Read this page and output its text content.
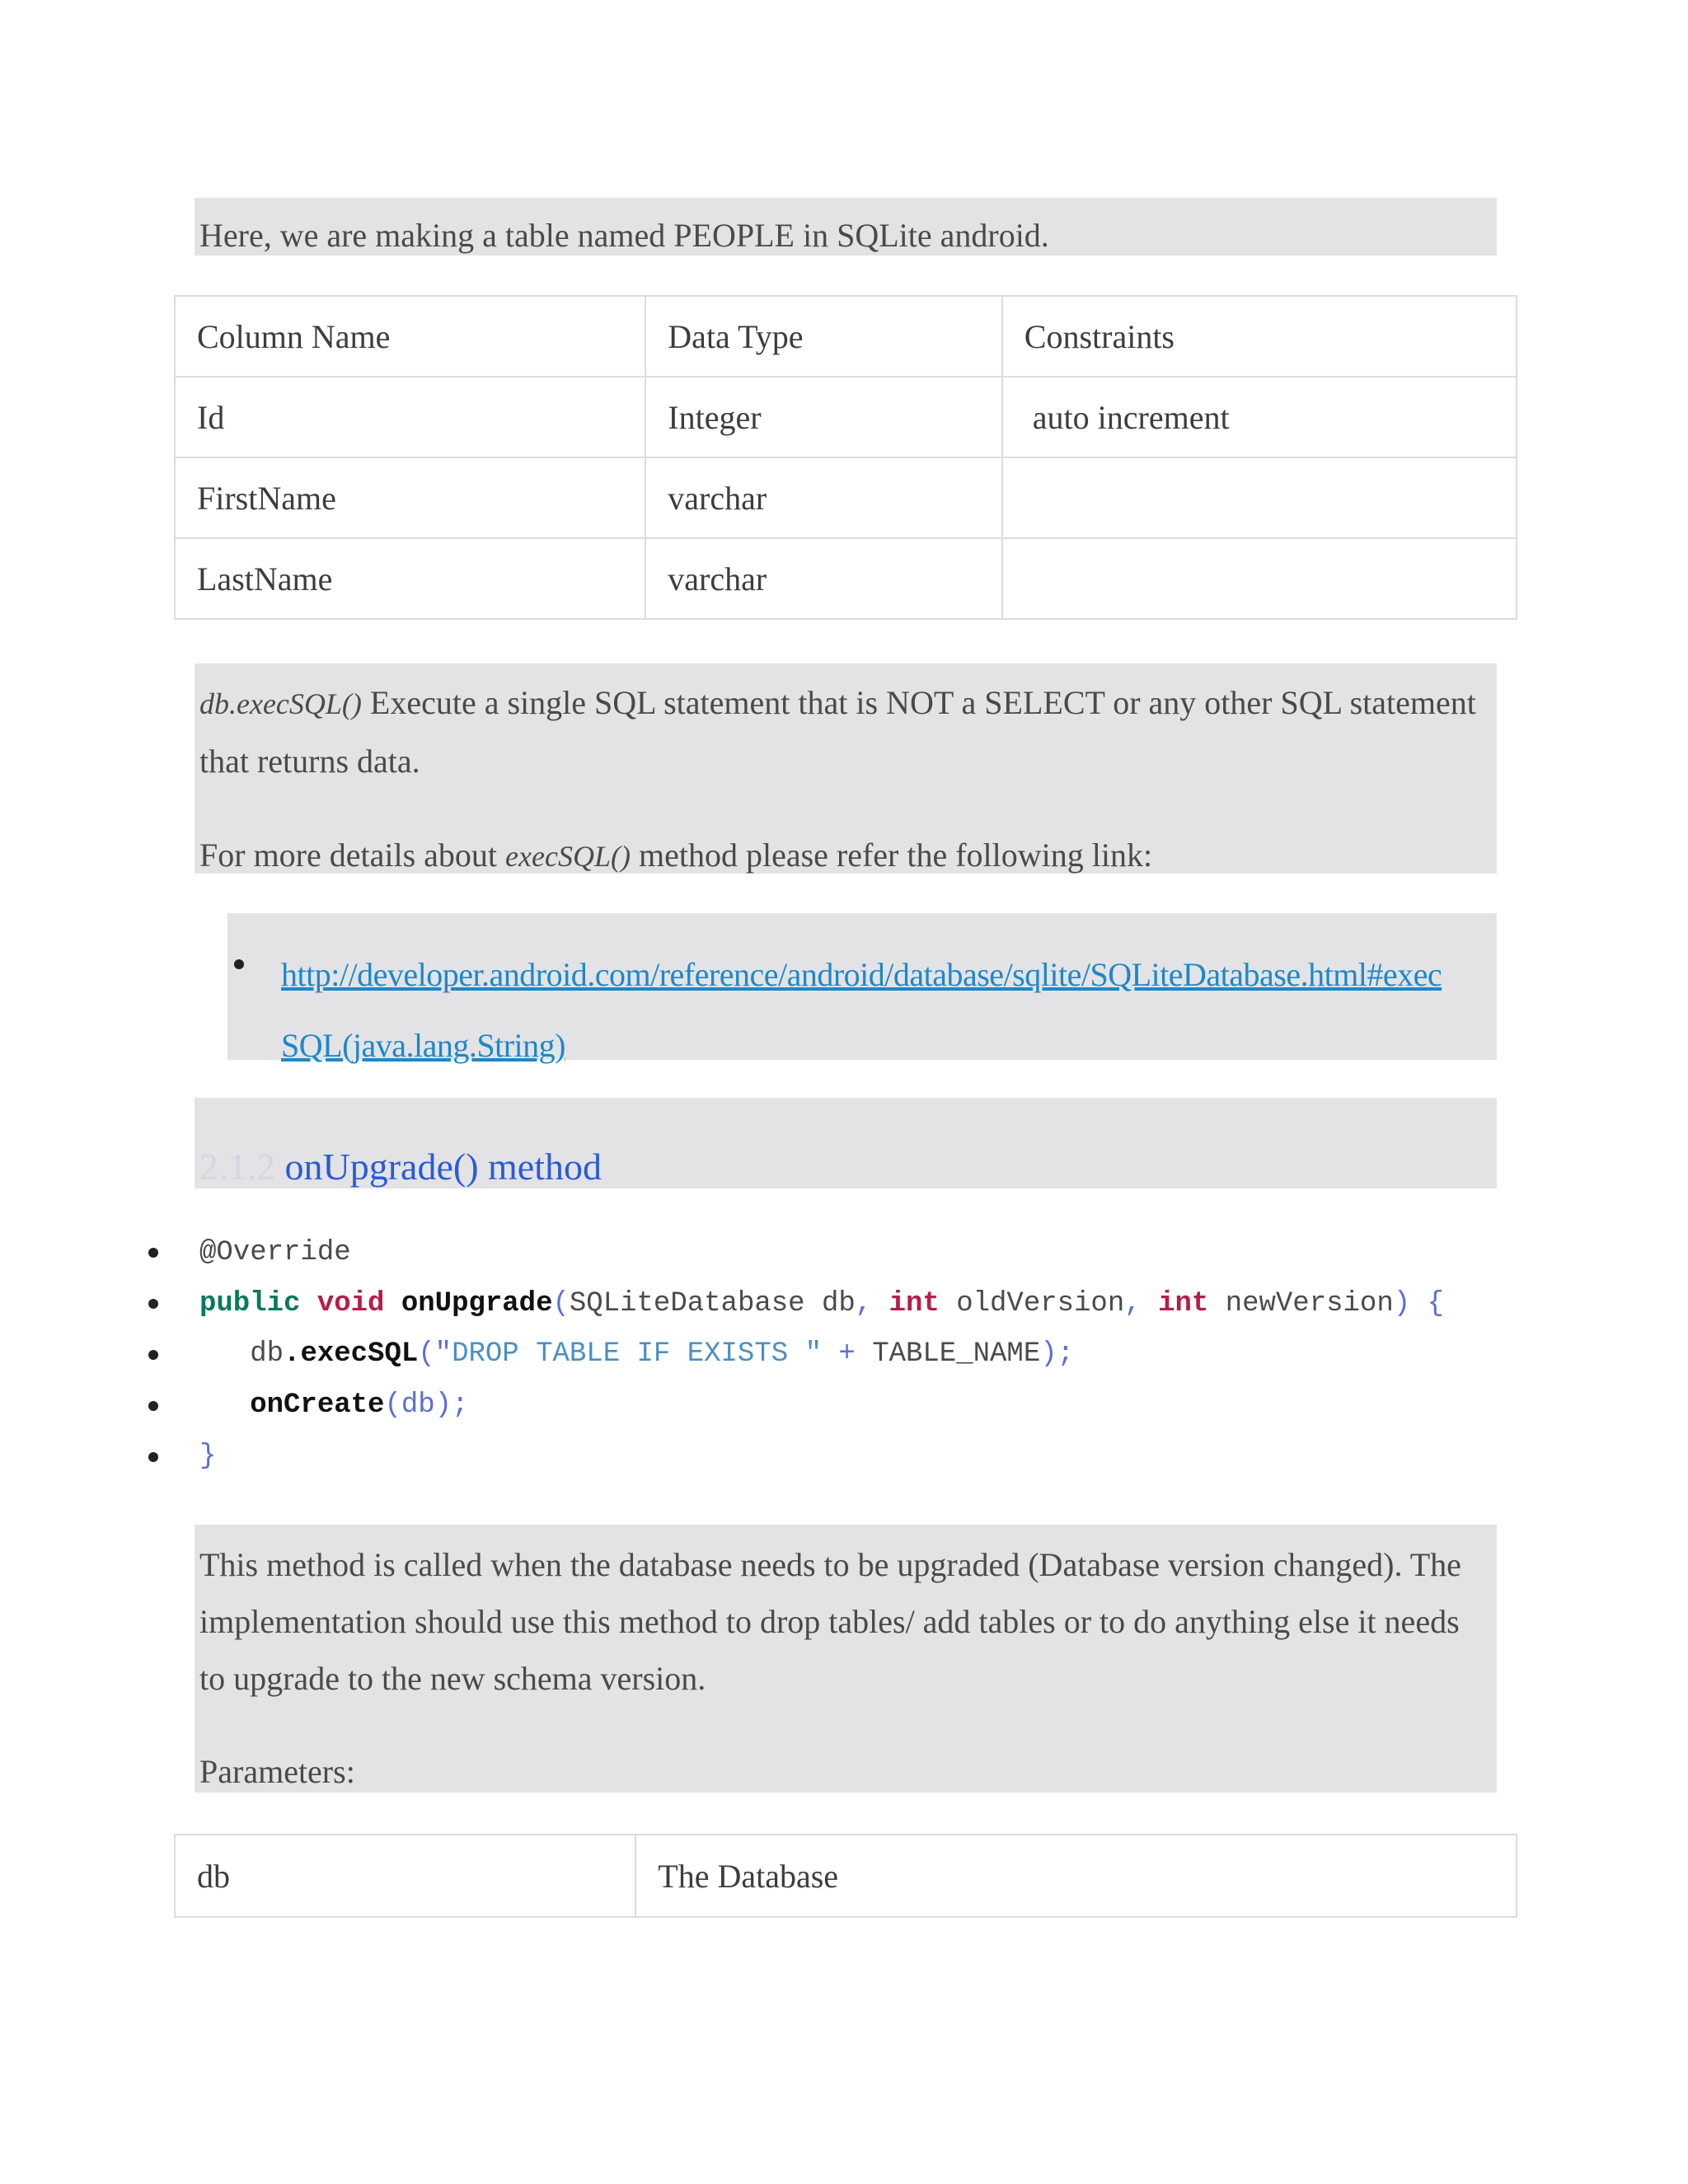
Here, we are making a table named PEOPLE in SQLite android.
Column Name	Data Type	Constraints
Id	Integer	auto increment
FirstName	varchar	
LastName	varchar	
db.execSQL() Execute a single SQL statement that is NOT a SELECT or any other SQL statement that returns data.
For more details about execSQL() method please refer the following link:
http://developer.android.com/reference/android/database/sqlite/SQLiteDatabase.html#exec
SQL(java.lang.String)
2.1.2 onUpgrade() method
@Override
public void onUpgrade(SQLiteDatabase db, int oldVersion, int newVersion) {
db.execSQL("DROP TABLE IF EXISTS " + TABLE_NAME);
onCreate(db);
}
This method is called when the database needs to be upgraded (Database version changed). The implementation should use this method to drop tables/ add tables or to do anything else it needs to upgrade to the new schema version.
Parameters:
db	The Database
